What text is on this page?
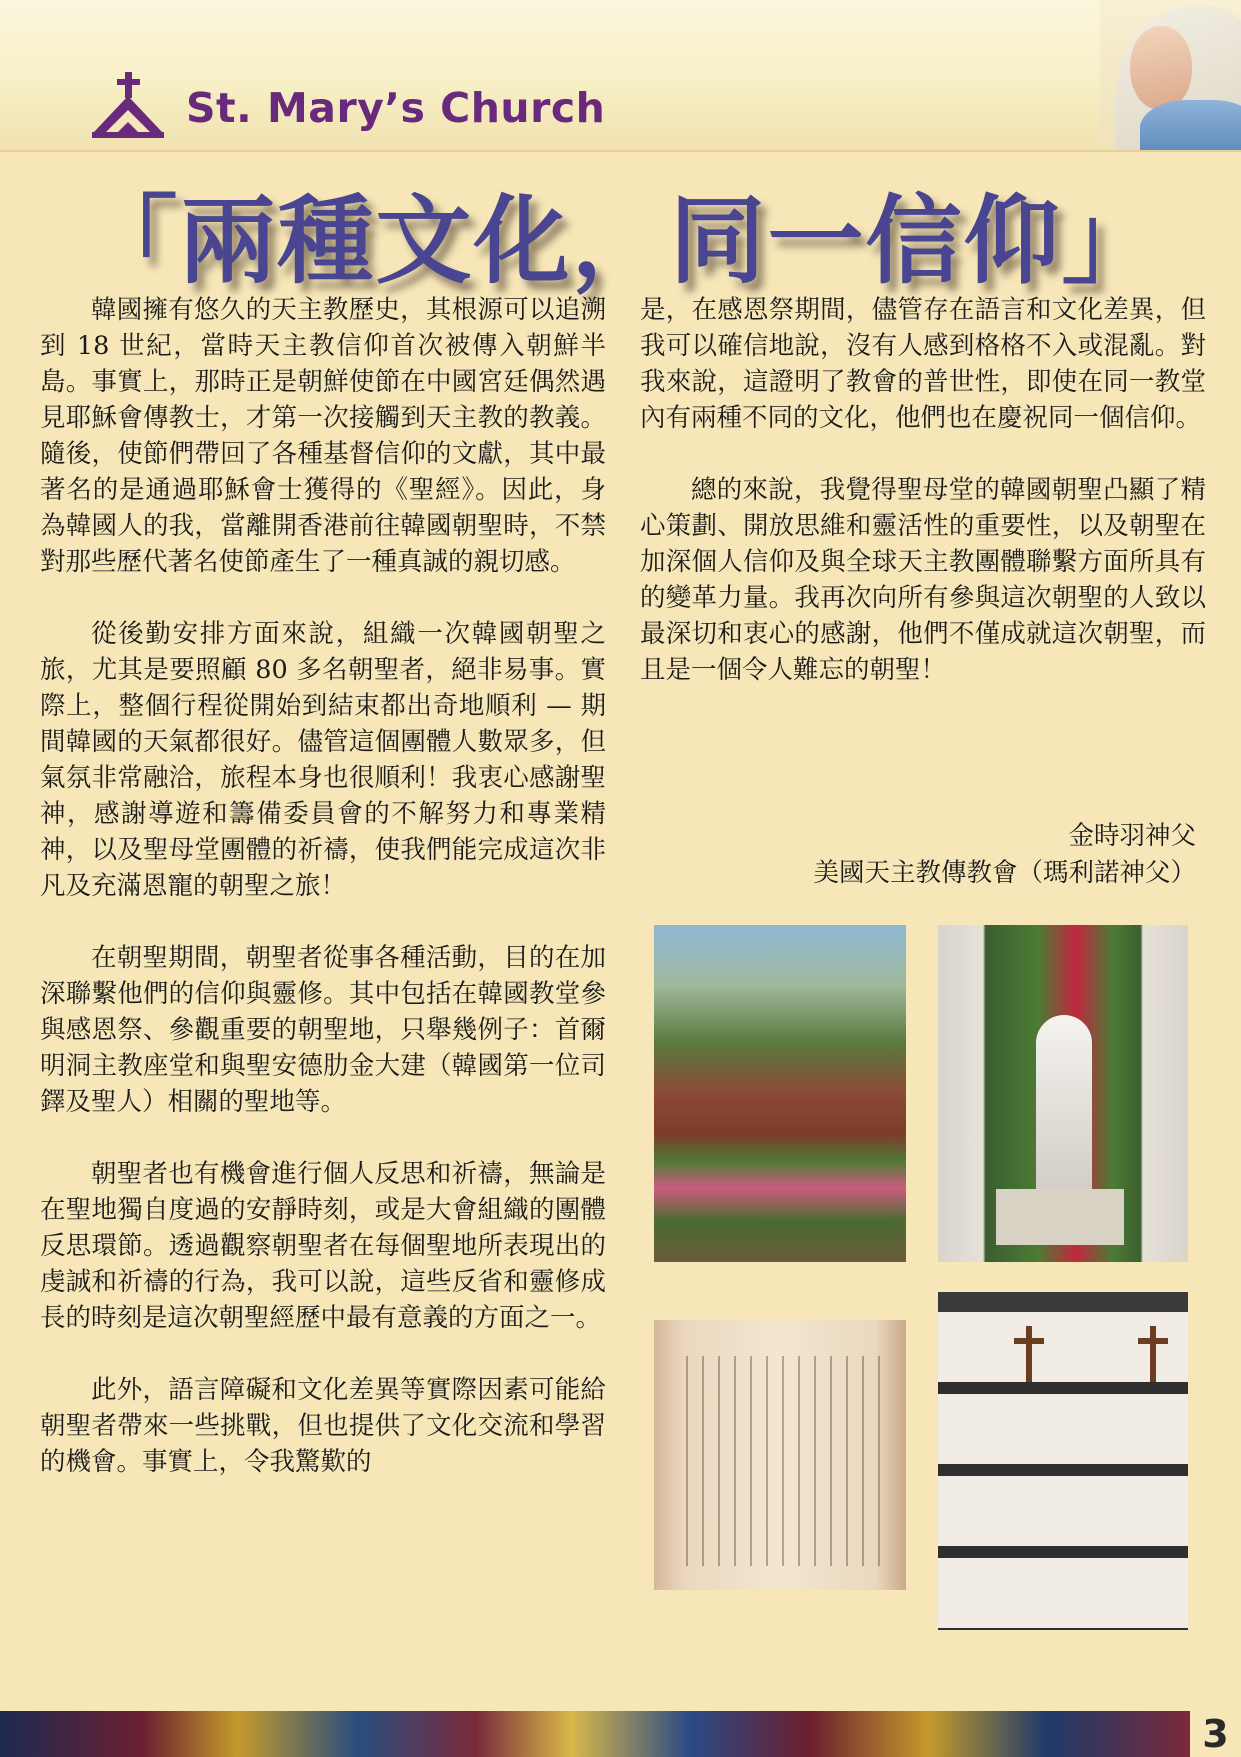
St. Mary’s Church
「兩種文化，同一信仰」

韓國擁有悠久的天主教歷史，其根源可以追溯到 18 世紀，當時天主教信仰首次被傳入朝鮮半島。事實上，那時正是朝鮮使節在中國宮廷偶然遇見耶穌會傳教士，才第一次接觸到天主教的教義。隨後，使節們帶回了各種基督信仰的文獻，其中最著名的是通過耶穌會士獲得的《聖經》。因此，身為韓國人的我，當離開香港前往韓國朝聖時，不禁對那些歷代著名使節產生了一種真誠的親切感。

從後勤安排方面來說，組織一次韓國朝聖之旅，尤其是要照顧 80 多名朝聖者，絕非易事。實際上，整個行程從開始到結束都出奇地順利 — 期間韓國的天氣都很好。儘管這個團體人數眾多，但氣氛非常融洽，旅程本身也很順利！我衷心感謝聖神，感謝導遊和籌備委員會的不解努力和專業精神，以及聖母堂團體的祈禱，使我們能完成這次非凡及充滿恩寵的朝聖之旅！

在朝聖期間，朝聖者從事各種活動，目的在加深聯繫他們的信仰與靈修。其中包括在韓國教堂參與感恩祭、參觀重要的朝聖地，只舉幾例子：首爾明洞主教座堂和與聖安德肋金大建（韓國第一位司鐸及聖人）相關的聖地等。

朝聖者也有機會進行個人反思和祈禱，無論是在聖地獨自度過的安靜時刻，或是大會組織的團體反思環節。透過觀察朝聖者在每個聖地所表現出的虔誠和祈禱的行為，我可以說，這些反省和靈修成長的時刻是這次朝聖經歷中最有意義的方面之一。

此外，語言障礙和文化差異等實際因素可能給朝聖者帶來一些挑戰，但也提供了文化交流和學習的機會。事實上，令我驚歎的

是，在感恩祭期間，儘管存在語言和文化差異，但我可以確信地說，沒有人感到格格不入或混亂。對我來說，這證明了教會的普世性，即使在同一教堂內有兩種不同的文化，他們也在慶祝同一個信仰。

總的來說，我覺得聖母堂的韓國朝聖凸顯了精心策劃、開放思維和靈活性的重要性，以及朝聖在加深個人信仰及與全球天主教團體聯繫方面所具有的變革力量。我再次向所有參與這次朝聖的人致以最深切和衷心的感謝，他們不僅成就這次朝聖，而且是一個令人難忘的朝聖！

金時羽神父
美國天主教傳教會（瑪利諾神父）
3
